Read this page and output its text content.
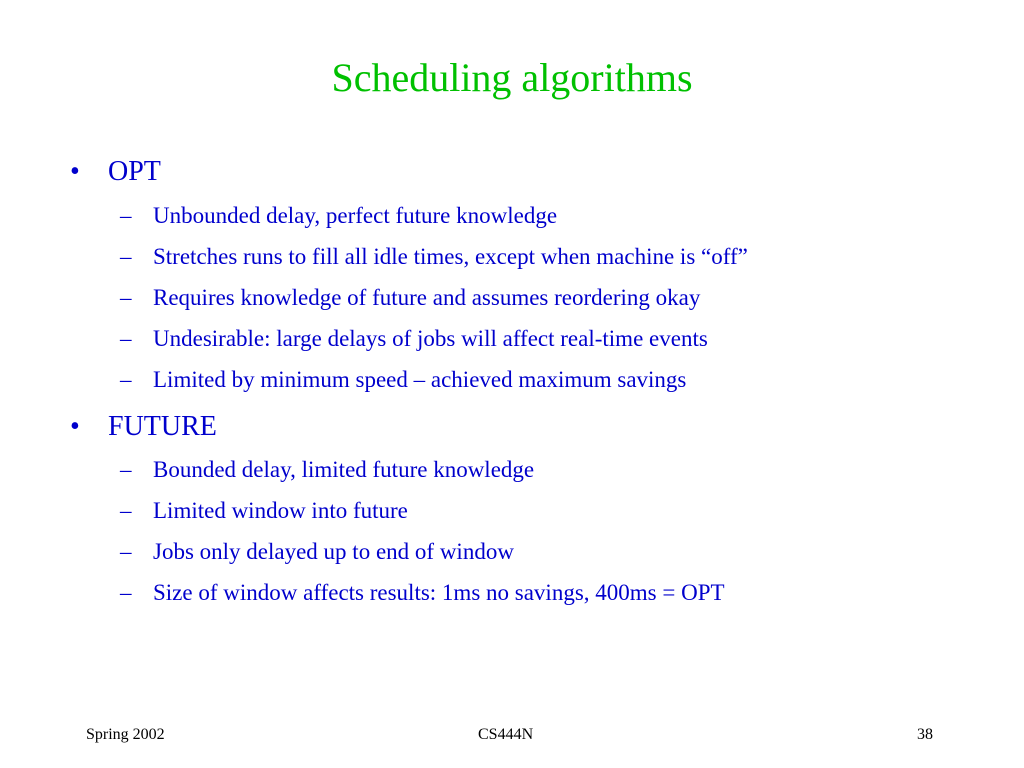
Scheduling algorithms
• OPT
– Unbounded delay, perfect future knowledge
– Stretches runs to fill all idle times, except when machine is “off”
– Requires knowledge of future and assumes reordering okay
– Undesirable: large delays of jobs will affect real-time events
– Limited by minimum speed – achieved maximum savings
• FUTURE
– Bounded delay, limited future knowledge
– Limited window into future
– Jobs only delayed up to end of window
– Size of window affects results: 1ms no savings, 400ms = OPT
Spring 2002	CS444N	38
